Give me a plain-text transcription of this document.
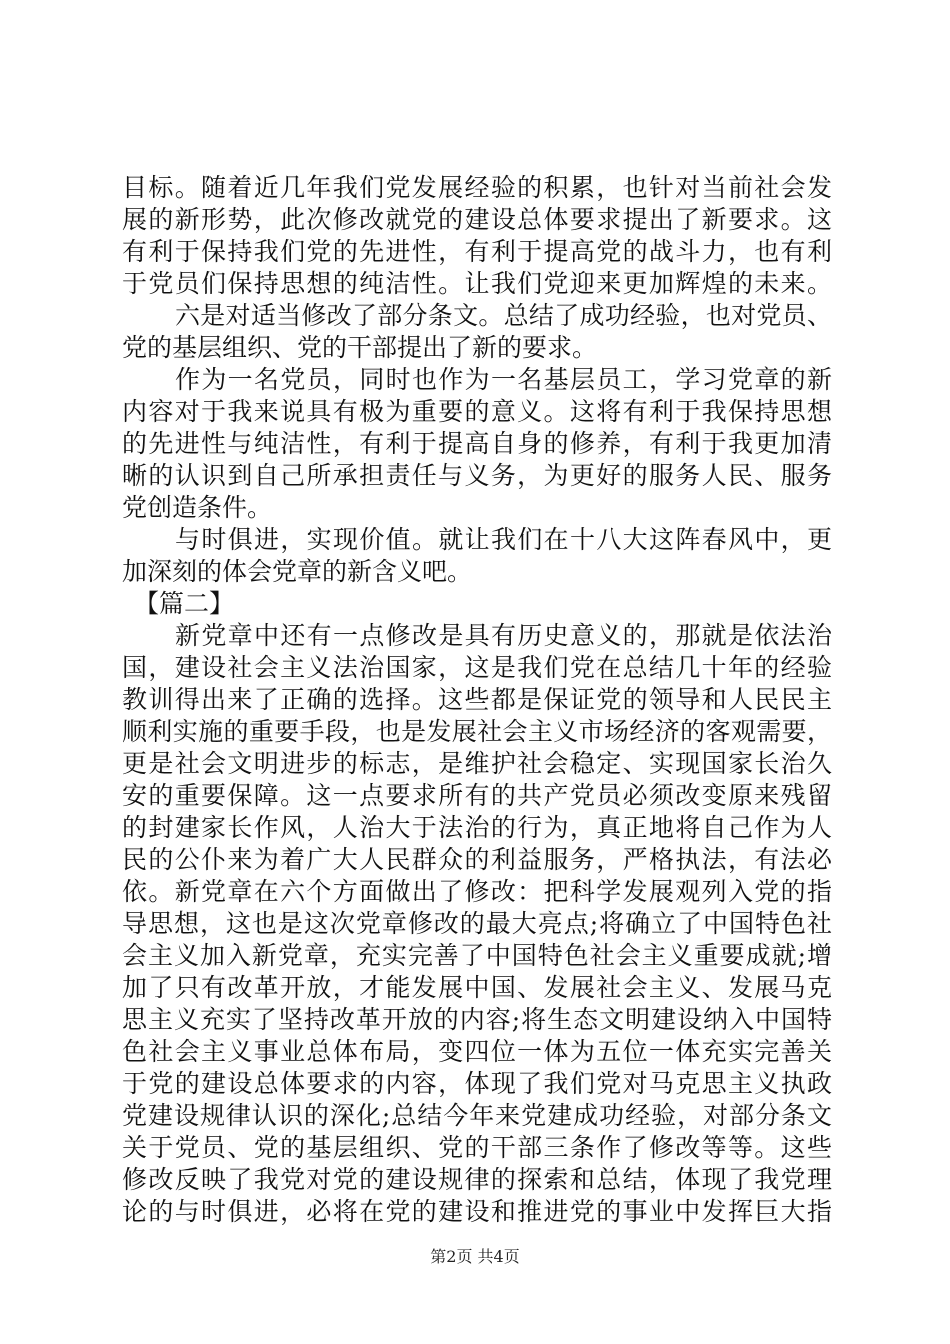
目标。随着近几年我们党发展经验的积累，也针对当前社会发
展的新形势，此次修改就党的建设总体要求提出了新要求。这
有利于保持我们党的先进性，有利于提高党的战斗力，也有利
于党员们保持思想的纯洁性。让我们党迎来更加辉煌的未来。
六是对适当修改了部分条文。总结了成功经验，也对党员、
党的基层组织、党的干部提出了新的要求。
作为一名党员，同时也作为一名基层员工，学习党章的新
内容对于我来说具有极为重要的意义。这将有利于我保持思想
的先进性与纯洁性，有利于提高自身的修养，有利于我更加清
晰的认识到自己所承担责任与义务，为更好的服务人民、服务
党创造条件。
与时俱进，实现价值。就让我们在十八大这阵春风中，更
加深刻的体会党章的新含义吧。
【篇二】
新党章中还有一点修改是具有历史意义的，那就是依法治
国，建设社会主义法治国家，这是我们党在总结几十年的经验
教训得出来了正确的选择。这些都是保证党的领导和人民民主
顺利实施的重要手段，也是发展社会主义市场经济的客观需要，
更是社会文明进步的标志，是维护社会稳定、实现国家长治久
安的重要保障。这一点要求所有的共产党员必须改变原来残留
的封建家长作风，人治大于法治的行为，真正地将自己作为人
民的公仆来为着广大人民群众的利益服务，严格执法，有法必
依。新党章在六个方面做出了修改：把科学发展观列入党的指
导思想，这也是这次党章修改的最大亮点;将确立了中国特色社
会主义加入新党章，充实完善了中国特色社会主义重要成就;增
加了只有改革开放，才能发展中国、发展社会主义、发展马克
思主义充实了坚持改革开放的内容;将生态文明建设纳入中国特
色社会主义事业总体布局，变四位一体为五位一体充实完善关
于党的建设总体要求的内容，体现了我们党对马克思主义执政
党建设规律认识的深化;总结今年来党建成功经验，对部分条文
关于党员、党的基层组织、党的干部三条作了修改等等。这些
修改反映了我党对党的建设规律的探索和总结，体现了我党理
论的与时俱进，必将在党的建设和推进党的事业中发挥巨大指
第2页 共4页
